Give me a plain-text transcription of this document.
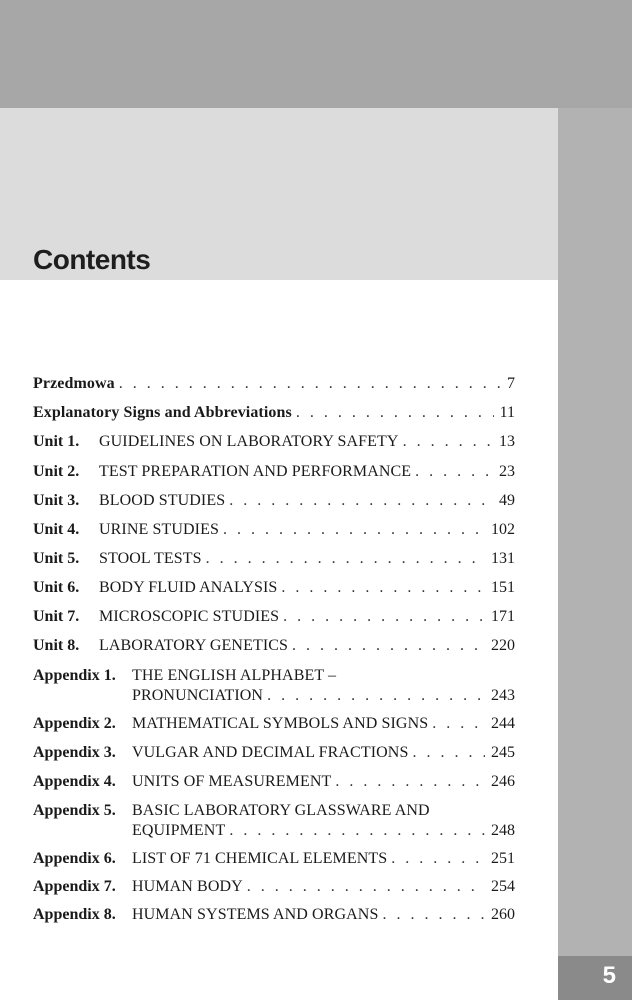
5
Contents
Przedmowa . . .	7
Explanatory Signs and Abbreviations . . .	11
Unit 1.	GUIDELINES ON LABORATORY SAFETY . . .	13
Unit 2.	TEST PREPARATION AND PERFORMANCE . . .	23
Unit 3.	BLOOD STUDIES . . .	49
Unit 4.	URINE STUDIES . . .	102
Unit 5.	STOOL TESTS . . .	131
Unit 6.	BODY FLUID ANALYSIS . . .	151
Unit 7.	MICROSCOPIC STUDIES . . .	171
Unit 8.	LABORATORY GENETICS . . .	220
Appendix 1.	THE ENGLISH ALPHABET –
PRONUNCIATION . . .	243
Appendix 2.	MATHEMATICAL SYMBOLS AND SIGNS . . .	244
Appendix 3.	VULGAR AND DECIMAL FRACTIONS . . .	245
Appendix 4.	UNITS OF MEASUREMENT . . .	246
Appendix 5.	BASIC LABORATORY GLASSWARE AND
EQUIPMENT . . .	248
Appendix 6.	LIST OF 71 CHEMICAL ELEMENTS . . .	251
Appendix 7.	HUMAN BODY . . .	254
Appendix 8.	HUMAN SYSTEMS AND ORGANS . . .	260
